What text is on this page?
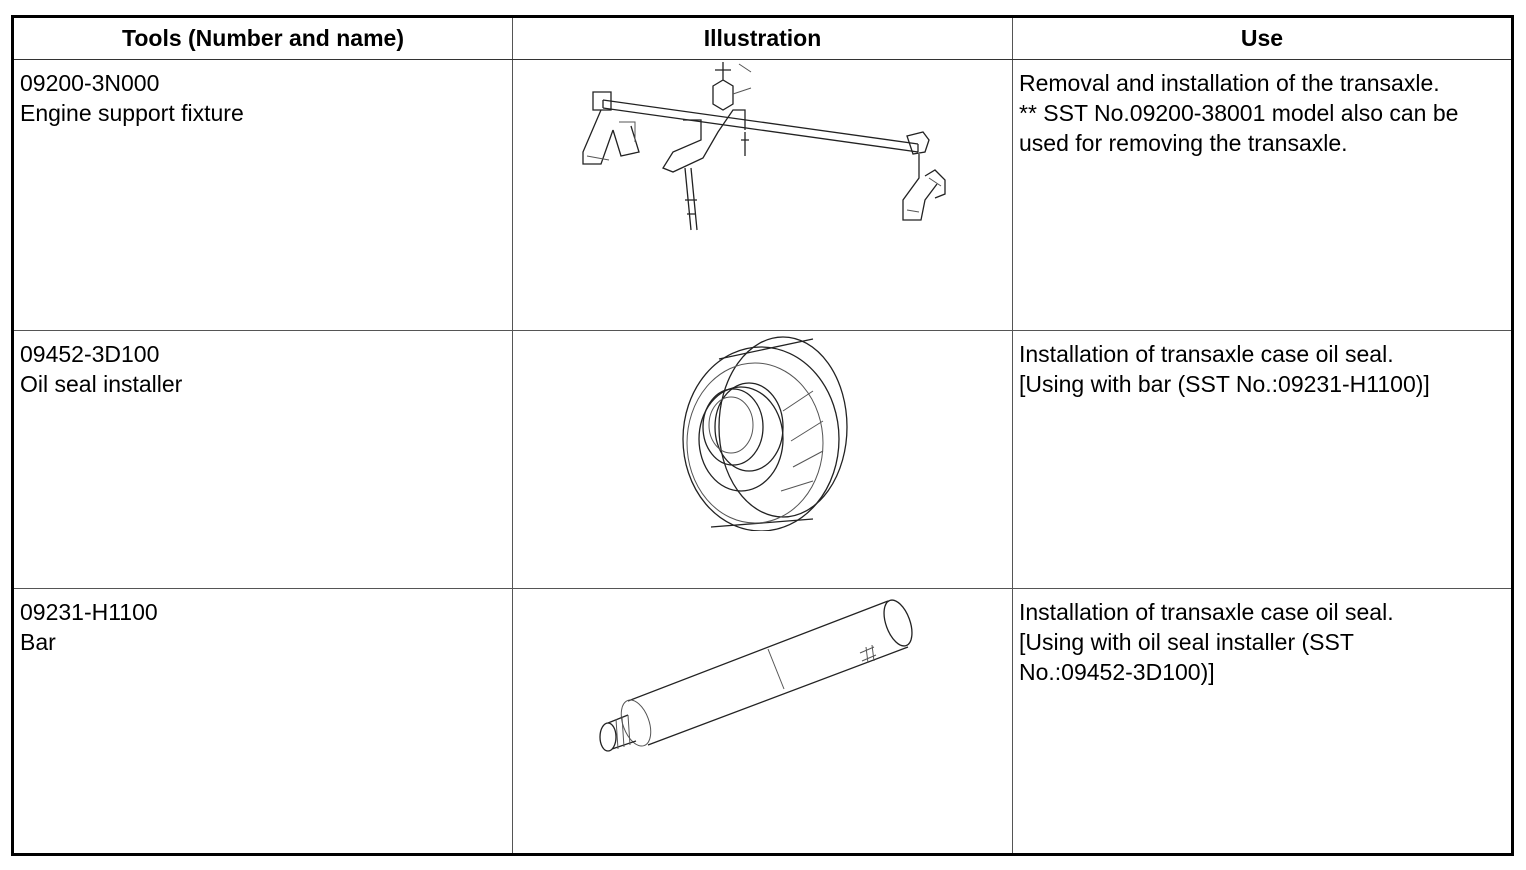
Tools (Number and name)	Illustration	Use

09200-3N000
Engine support fixture		Removal and installation of the transaxle.
** SST No.09200-38001 model also can be
used for removing the transaxle.

09452-3D100
Oil seal installer		Installation of transaxle case oil seal.
[Using with bar (SST No.:09231-H1100)]

09231-H1100
Bar		Installation of transaxle case oil seal.
[Using with oil seal installer (SST
No.:09452-3D100)]
